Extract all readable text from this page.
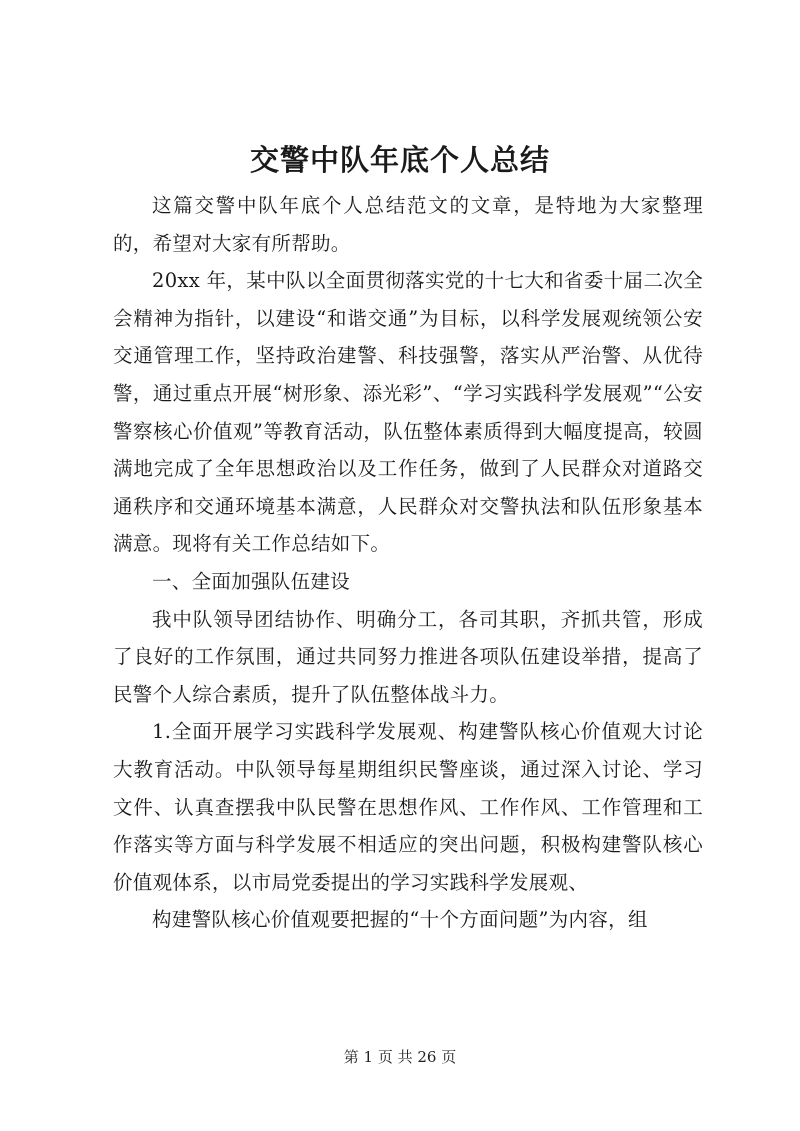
交警中队年底个人总结

这篇交警中队年底个人总结范文的文章，是特地为大家整理的，希望对大家有所帮助。

20xx 年，某中队以全面贯彻落实党的十七大和省委十届二次全会精神为指针，以建设“和谐交通”为目标，以科学发展观统领公安交通管理工作，坚持政治建警、科技强警，落实从严治警、从优待警，通过重点开展“树形象、添光彩”、“学习实践科学发展观”“公安警察核心价值观”等教育活动，队伍整体素质得到大幅度提高，较圆满地完成了全年思想政治以及工作任务，做到了人民群众对道路交通秩序和交通环境基本满意，人民群众对交警执法和队伍形象基本满意。现将有关工作总结如下。

一、全面加强队伍建设

我中队领导团结协作、明确分工，各司其职，齐抓共管，形成了良好的工作氛围，通过共同努力推进各项队伍建设举措，提高了民警个人综合素质，提升了队伍整体战斗力。

1.全面开展学习实践科学发展观、构建警队核心价值观大讨论大教育活动。中队领导每星期组织民警座谈，通过深入讨论、学习文件、认真查摆我中队民警在思想作风、工作作风、工作管理和工作落实等方面与科学发展不相适应的突出问题，积极构建警队核心价值观体系，以市局党委提出的学习实践科学发展观、

构建警队核心价值观要把握的“十个方面问题”为内容，组

第 1 页 共 26 页
